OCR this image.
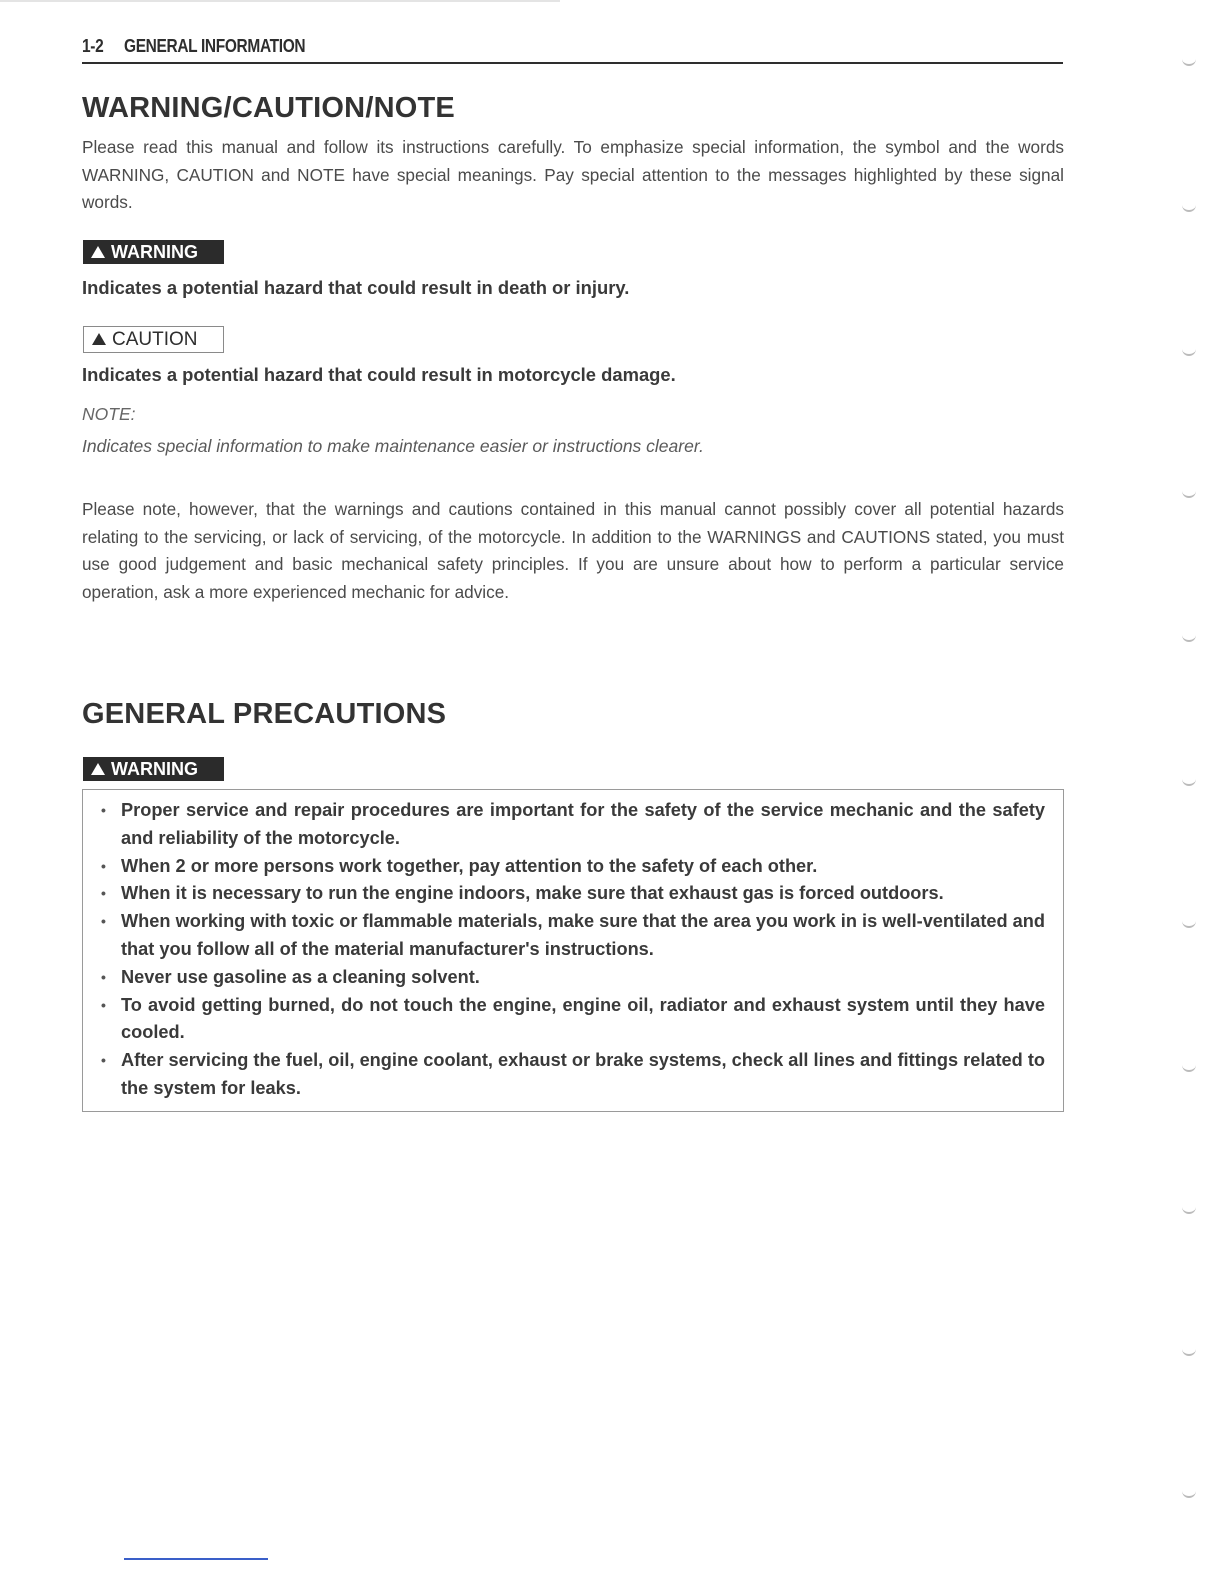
1-2 GENERAL INFORMATION
WARNING/CAUTION/NOTE

Please read this manual and follow its instructions carefully. To emphasize special information, the symbol and the words WARNING, CAUTION and NOTE have special meanings. Pay special attention to the messages highlighted by these signal words.

WARNING

Indicates a potential hazard that could result in death or injury.

CAUTION

Indicates a potential hazard that could result in motorcycle damage.

NOTE:
Indicates special information to make maintenance easier or instructions clearer.

Please note, however, that the warnings and cautions contained in this manual cannot possibly cover all potential hazards relating to the servicing, or lack of servicing, of the motorcycle. In addition to the WARNINGS and CAUTIONS stated, you must use good judgement and basic mechanical safety principles. If you are unsure about how to perform a particular service operation, ask a more experienced mechanic for advice.

GENERAL PRECAUTIONS
WARNING
• Proper service and repair procedures are important for the safety of the service mechanic and the safety and reliability of the motorcycle.
• When 2 or more persons work together, pay attention to the safety of each other.
• When it is necessary to run the engine indoors, make sure that exhaust gas is forced outdoors.
• When working with toxic or flammable materials, make sure that the area you work in is well-ventilated and that you follow all of the material manufacturer's instructions.
• Never use gasoline as a cleaning solvent.
• To avoid getting burned, do not touch the engine, engine oil, radiator and exhaust system until they have cooled.
• After servicing the fuel, oil, engine coolant, exhaust or brake systems, check all lines and fittings related to the system for leaks.
